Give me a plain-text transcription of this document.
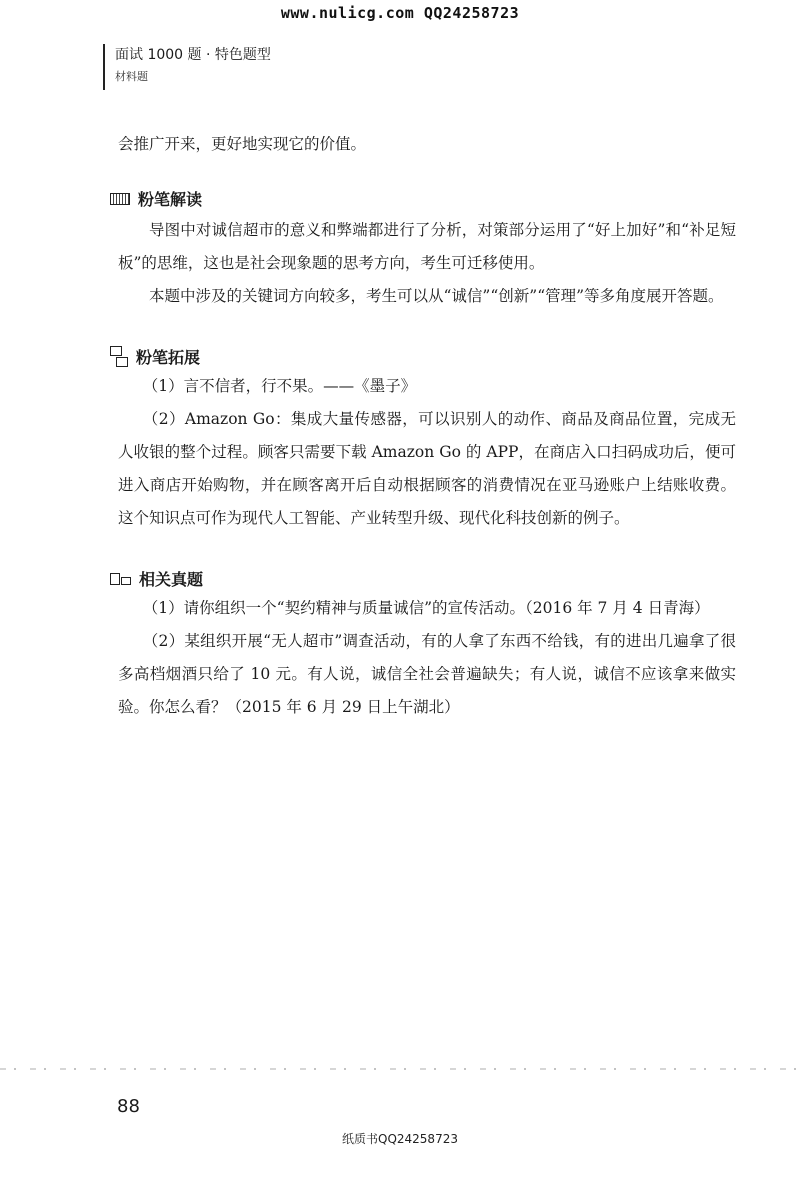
www.nulicg.com QQ24258723
面试 1000 题 · 特色题型
材料题

会推广开来，更好地实现它的价值。

粉笔解读

导图中对诚信超市的意义和弊端都进行了分析，对策部分运用了“好上加好”和“补足短板”的思维，这也是社会现象题的思考方向，考生可迁移使用。

本题中涉及的关键词方向较多，考生可以从“诚信”“创新”“管理”等多角度展开答题。

粉笔拓展

（1）言不信者，行不果。——《墨子》

（2）Amazon Go：集成大量传感器，可以识别人的动作、商品及商品位置，完成无人收银的整个过程。顾客只需要下载 Amazon Go 的 APP，在商店入口扫码成功后，便可进入商店开始购物，并在顾客离开后自动根据顾客的消费情况在亚马逊账户上结账收费。这个知识点可作为现代人工智能、产业转型升级、现代化科技创新的例子。

相关真题

（1）请你组织一个“契约精神与质量诚信”的宣传活动。（2016 年 7 月 4 日青海）

（2）某组织开展“无人超市”调查活动，有的人拿了东西不给钱，有的进出几遍拿了很多高档烟酒只给了 10 元。有人说，诚信全社会普遍缺失；有人说，诚信不应该拿来做实验。你怎么看？（2015 年 6 月 29 日上午湖北）

88
纸质书QQ24258723
